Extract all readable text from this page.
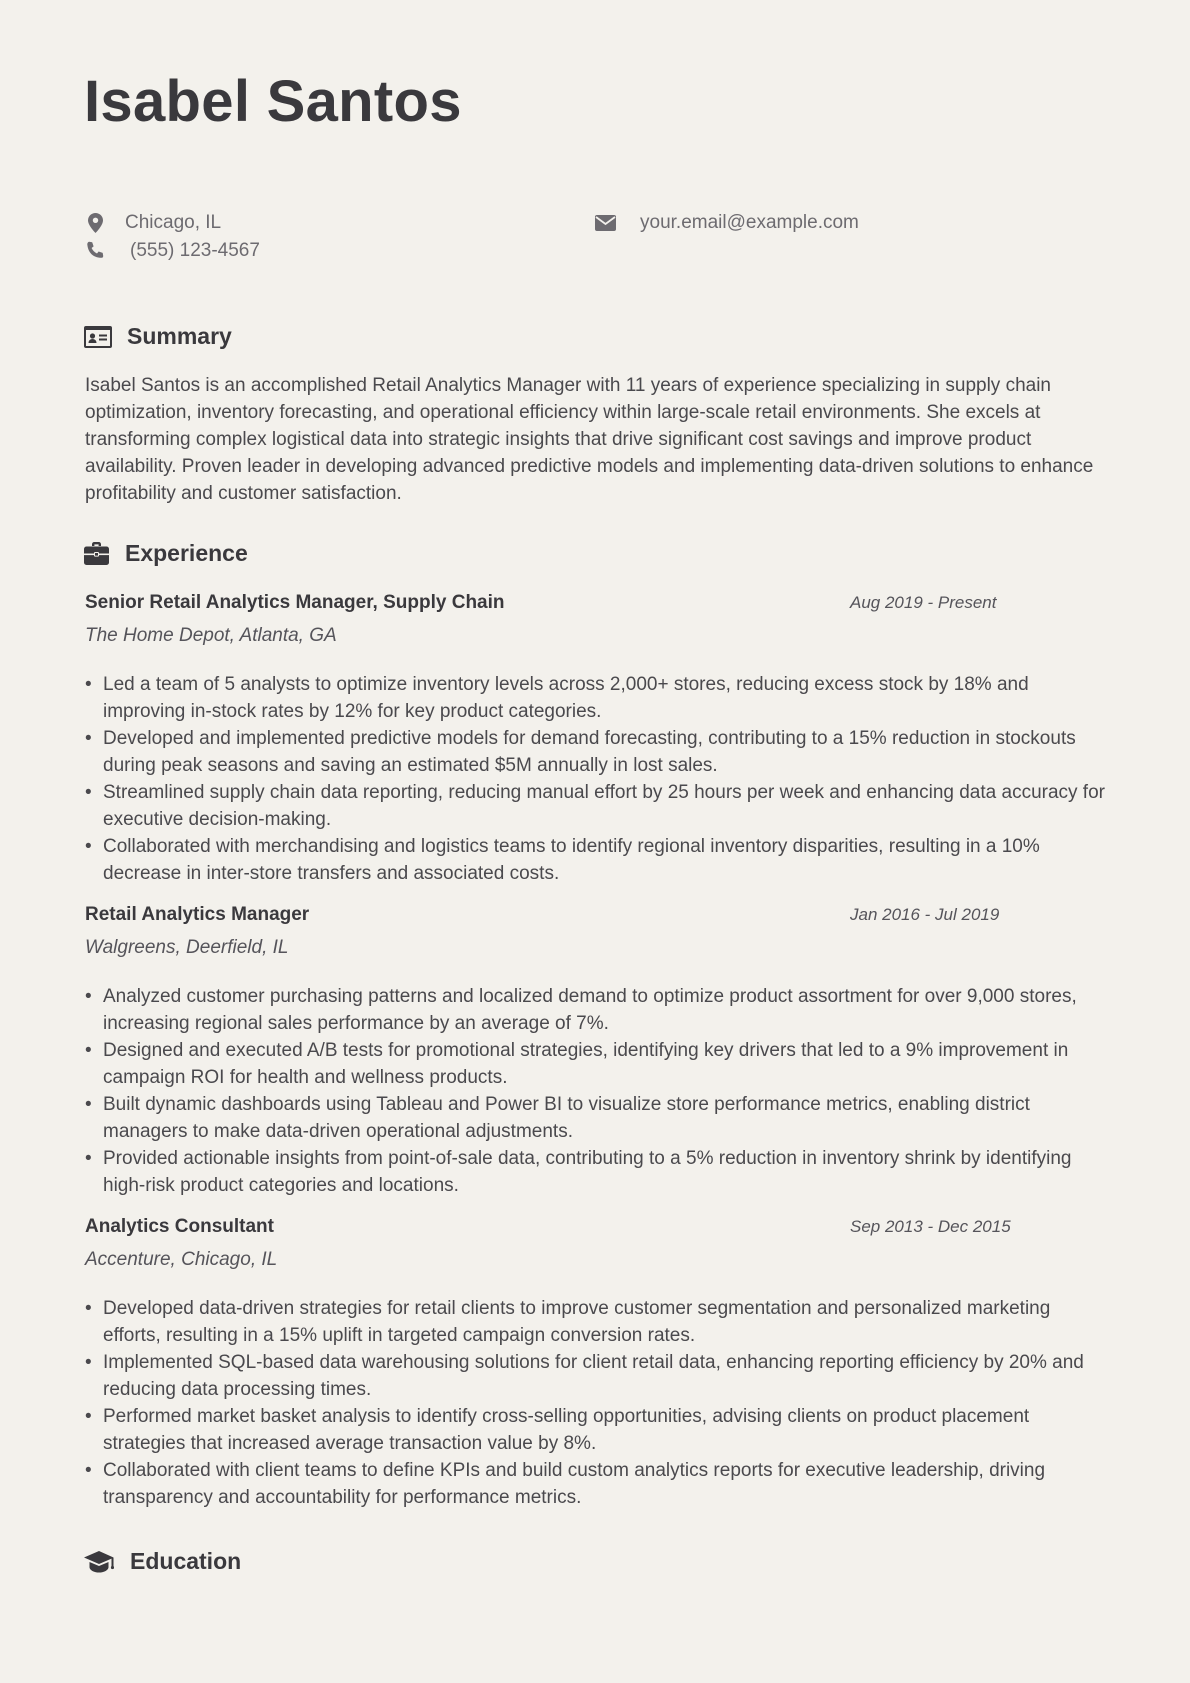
Isabel Santos
Chicago, IL
(555) 123-4567
your.email@example.com
Summary

Isabel Santos is an accomplished Retail Analytics Manager with 11 years of experience specializing in supply chain optimization, inventory forecasting, and operational efficiency within large-scale retail environments. She excels at transforming complex logistical data into strategic insights that drive significant cost savings and improve product availability. Proven leader in developing advanced predictive models and implementing data-driven solutions to enhance profitability and customer satisfaction.

Experience
Senior Retail Analytics Manager, Supply Chain	Aug 2019 - Present
The Home Depot, Atlanta, GA
• Led a team of 5 analysts to optimize inventory levels across 2,000+ stores, reducing excess stock by 18% and improving in-stock rates by 12% for key product categories.
• Developed and implemented predictive models for demand forecasting, contributing to a 15% reduction in stockouts during peak seasons and saving an estimated $5M annually in lost sales.
• Streamlined supply chain data reporting, reducing manual effort by 25 hours per week and enhancing data accuracy for executive decision-making.
• Collaborated with merchandising and logistics teams to identify regional inventory disparities, resulting in a 10% decrease in inter-store transfers and associated costs.
Retail Analytics Manager	Jan 2016 - Jul 2019
Walgreens, Deerfield, IL
• Analyzed customer purchasing patterns and localized demand to optimize product assortment for over 9,000 stores, increasing regional sales performance by an average of 7%.
• Designed and executed A/B tests for promotional strategies, identifying key drivers that led to a 9% improvement in campaign ROI for health and wellness products.
• Built dynamic dashboards using Tableau and Power BI to visualize store performance metrics, enabling district managers to make data-driven operational adjustments.
• Provided actionable insights from point-of-sale data, contributing to a 5% reduction in inventory shrink by identifying high-risk product categories and locations.
Analytics Consultant	Sep 2013 - Dec 2015
Accenture, Chicago, IL
• Developed data-driven strategies for retail clients to improve customer segmentation and personalized marketing efforts, resulting in a 15% uplift in targeted campaign conversion rates.
• Implemented SQL-based data warehousing solutions for client retail data, enhancing reporting efficiency by 20% and reducing data processing times.
• Performed market basket analysis to identify cross-selling opportunities, advising clients on product placement strategies that increased average transaction value by 8%.
• Collaborated with client teams to define KPIs and build custom analytics reports for executive leadership, driving transparency and accountability for performance metrics.
Education
